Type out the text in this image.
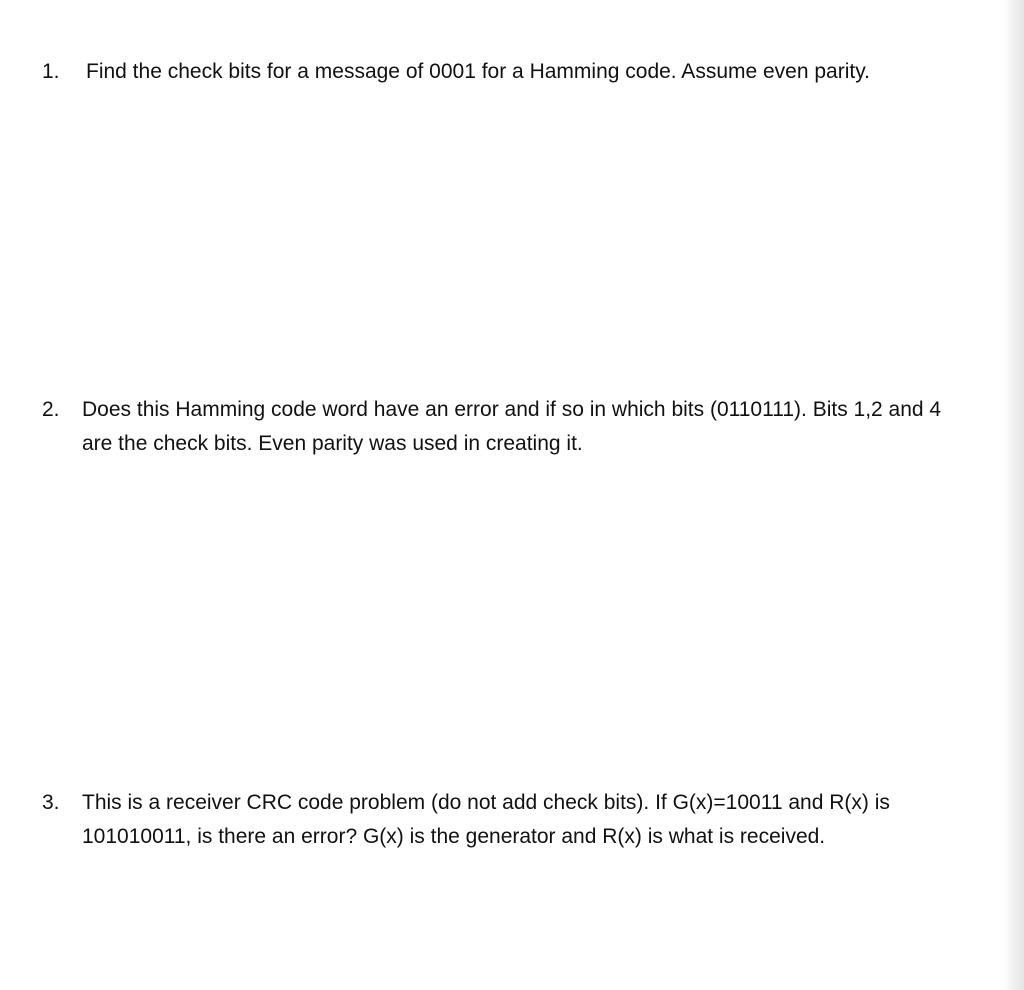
1.	Find the check bits for a message of 0001 for a Hamming code. Assume even parity.
2.	Does this Hamming code word have an error and if so in which bits (0110111). Bits 1,2 and 4 are the check bits. Even parity was used in creating it.
3.	This is a receiver CRC code problem (do not add check bits). If G(x)=10011 and R(x) is 101010011, is there an error? G(x) is the generator and R(x) is what is received.
